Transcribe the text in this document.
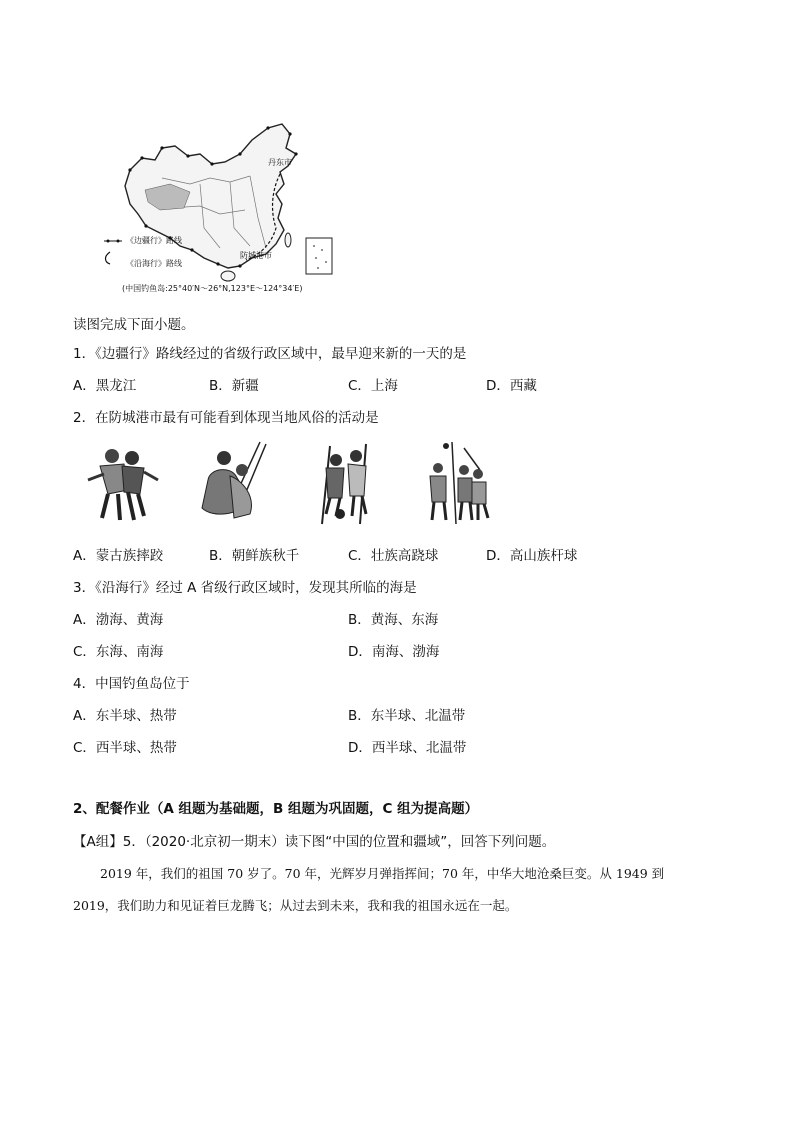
《边疆行》路线
《沿海行》路线
丹东市
防城港市
(中国钓鱼岛:25°40′N～26°N,123°E～124°34′E)
读图完成下面小题。
1．《边疆行》路线经过的省级行政区域中，最早迎来新的一天的是
A．黑龙江	B．新疆	C．上海	D．西藏
2．在防城港市最有可能看到体现当地风俗的活动是
A．蒙古族摔跤	B．朝鲜族秋千	C．壮族高跷球	D．高山族杆球
3．《沿海行》经过 A 省级行政区域时，发现其所临的海是
A．渤海、黄海	B．黄海、东海
C．东海、南海	D．南海、渤海
4．中国钓鱼岛位于
A．东半球、热带	B．东半球、北温带
C．西半球、热带	D．西半球、北温带
2、配餐作业（A 组题为基础题，B 组题为巩固题，C 组为提高题）
【A组】5．（2020·北京初一期末）读下图“中国的位置和疆域”，回答下列问题。
2019 年，我们的祖国 70 岁了。70 年，光辉岁月弹指挥间；70 年，中华大地沧桑巨变。从 1949 到
2019，我们助力和见证着巨龙腾飞；从过去到未来，我和我的祖国永远在一起。
